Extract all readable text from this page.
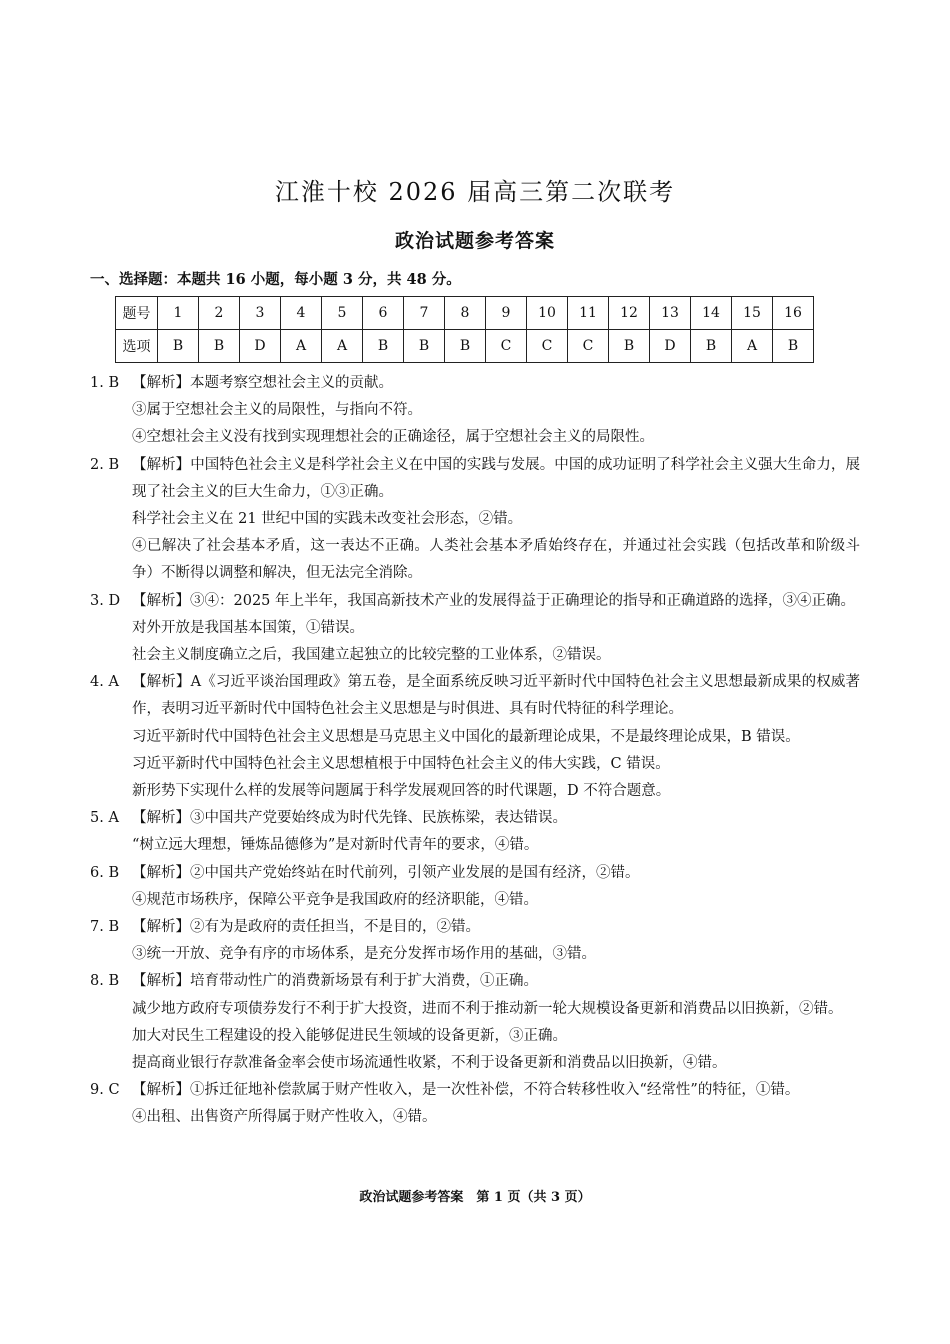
江淮十校 2026 届高三第二次联考
政治试题参考答案
一、选择题：本题共 16 小题，每小题 3 分，共 48 分。
题号	1	2	3	4	5	6	7	8	9	10	11	12	13	14	15	16
选项	B	B	D	A	A	B	B	B	C	C	C	B	D	B	A	B
1. B 【解析】本题考察空想社会主义的贡献。

③属于空想社会主义的局限性，与指向不符。

④空想社会主义没有找到实现理想社会的正确途径，属于空想社会主义的局限性。

2. B 【解析】中国特色社会主义是科学社会主义在中国的实践与发展。中国的成功证明了科学社会主义强大生命力，展现了社会主义的巨大生命力，①③正确。

科学社会主义在 21 世纪中国的实践未改变社会形态，②错。

④已解决了社会基本矛盾，这一表达不正确。人类社会基本矛盾始终存在，并通过社会实践（包括改革和阶级斗争）不断得以调整和解决，但无法完全消除。

3. D 【解析】③④：2025 年上半年，我国高新技术产业的发展得益于正确理论的指导和正确道路的选择，③④正确。

对外开放是我国基本国策，①错误。

社会主义制度确立之后，我国建立起独立的比较完整的工业体系，②错误。

4. A 【解析】A《习近平谈治国理政》第五卷，是全面系统反映习近平新时代中国特色社会主义思想最新成果的权威著作，表明习近平新时代中国特色社会主义思想是与时俱进、具有时代特征的科学理论。

习近平新时代中国特色社会主义思想是马克思主义中国化的最新理论成果，不是最终理论成果，B 错误。

习近平新时代中国特色社会主义思想植根于中国特色社会主义的伟大实践，C 错误。

新形势下实现什么样的发展等问题属于科学发展观回答的时代课题，D 不符合题意。

5. A 【解析】③中国共产党要始终成为时代先锋、民族栋梁，表达错误。

“树立远大理想，锤炼品德修为”是对新时代青年的要求，④错。

6. B 【解析】②中国共产党始终站在时代前列，引领产业发展的是国有经济，②错。

④规范市场秩序，保障公平竞争是我国政府的经济职能，④错。

7. B 【解析】②有为是政府的责任担当，不是目的，②错。

③统一开放、竞争有序的市场体系，是充分发挥市场作用的基础，③错。

8. B 【解析】培育带动性广的消费新场景有利于扩大消费，①正确。

减少地方政府专项债券发行不利于扩大投资，进而不利于推动新一轮大规模设备更新和消费品以旧换新，②错。

加大对民生工程建设的投入能够促进民生领域的设备更新，③正确。

提高商业银行存款准备金率会使市场流通性收紧，不利于设备更新和消费品以旧换新，④错。

9. C 【解析】①拆迁征地补偿款属于财产性收入，是一次性补偿，不符合转移性收入“经常性”的特征，①错。

④出租、出售资产所得属于财产性收入，④错。

政治试题参考答案　第 1 页（共 3 页）
